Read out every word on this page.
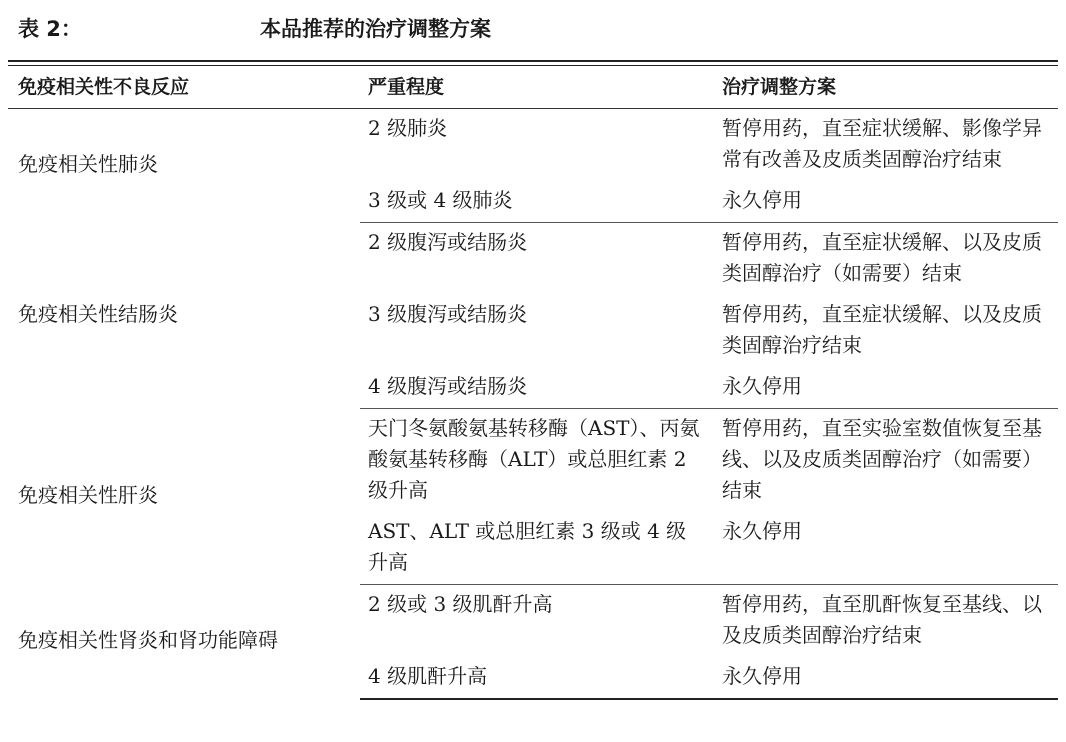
表 2：	本品推荐的治疗调整方案
免疫相关性不良反应	严重程度	治疗调整方案
免疫相关性肺炎	2 级肺炎	暂停用药，直至症状缓解、影像学异常有改善及皮质类固醇治疗结束
	3 级或 4 级肺炎	永久停用
免疫相关性结肠炎	2 级腹泻或结肠炎	暂停用药，直至症状缓解、以及皮质类固醇治疗（如需要）结束
	3 级腹泻或结肠炎	暂停用药，直至症状缓解、以及皮质类固醇治疗结束
	4 级腹泻或结肠炎	永久停用
免疫相关性肝炎	天门冬氨酸氨基转移酶（AST）、丙氨酸氨基转移酶（ALT）或总胆红素 2 级升高	暂停用药，直至实验室数值恢复至基线、以及皮质类固醇治疗（如需要）结束
	AST、ALT 或总胆红素 3 级或 4 级升高	永久停用
免疫相关性肾炎和肾功能障碍	2 级或 3 级肌酐升高	暂停用药，直至肌酐恢复至基线、以及皮质类固醇治疗结束
	4 级肌酐升高	永久停用
